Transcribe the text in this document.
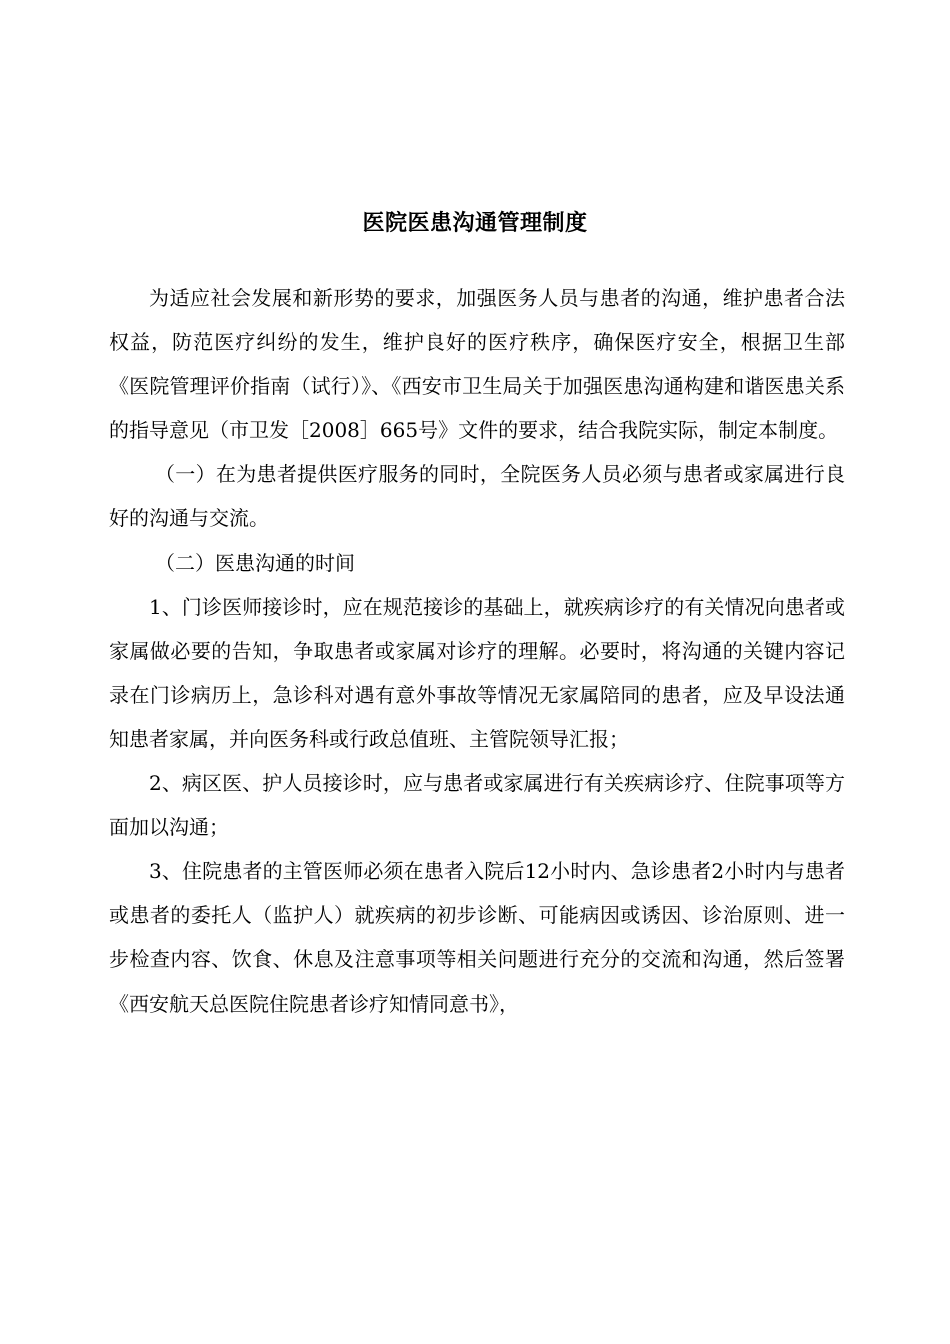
医院医患沟通管理制度

为适应社会发展和新形势的要求，加强医务人员与患者的沟通，维护患者合法权益，防范医疗纠纷的发生，维护良好的医疗秩序，确保医疗安全，根据卫生部《医院管理评价指南（试行）》、《西安市卫生局关于加强医患沟通构建和谐医患关系的指导意见（市卫发［2008］665号》文件的要求，结合我院实际，制定本制度。

（一）在为患者提供医疗服务的同时，全院医务人员必须与患者或家属进行良好的沟通与交流。

（二）医患沟通的时间

1、门诊医师接诊时，应在规范接诊的基础上，就疾病诊疗的有关情况向患者或家属做必要的告知，争取患者或家属对诊疗的理解。必要时，将沟通的关键内容记录在门诊病历上，急诊科对遇有意外事故等情况无家属陪同的患者，应及早设法通知患者家属，并向医务科或行政总值班、主管院领导汇报；

2、病区医、护人员接诊时，应与患者或家属进行有关疾病诊疗、住院事项等方面加以沟通；

3、住院患者的主管医师必须在患者入院后12小时内、急诊患者2小时内与患者或患者的委托人（监护人）就疾病的初步诊断、可能病因或诱因、诊治原则、进一步检查内容、饮食、休息及注意事项等相关问题进行充分的交流和沟通，然后签署《西安航天总医院住院患者诊疗知情同意书》，
